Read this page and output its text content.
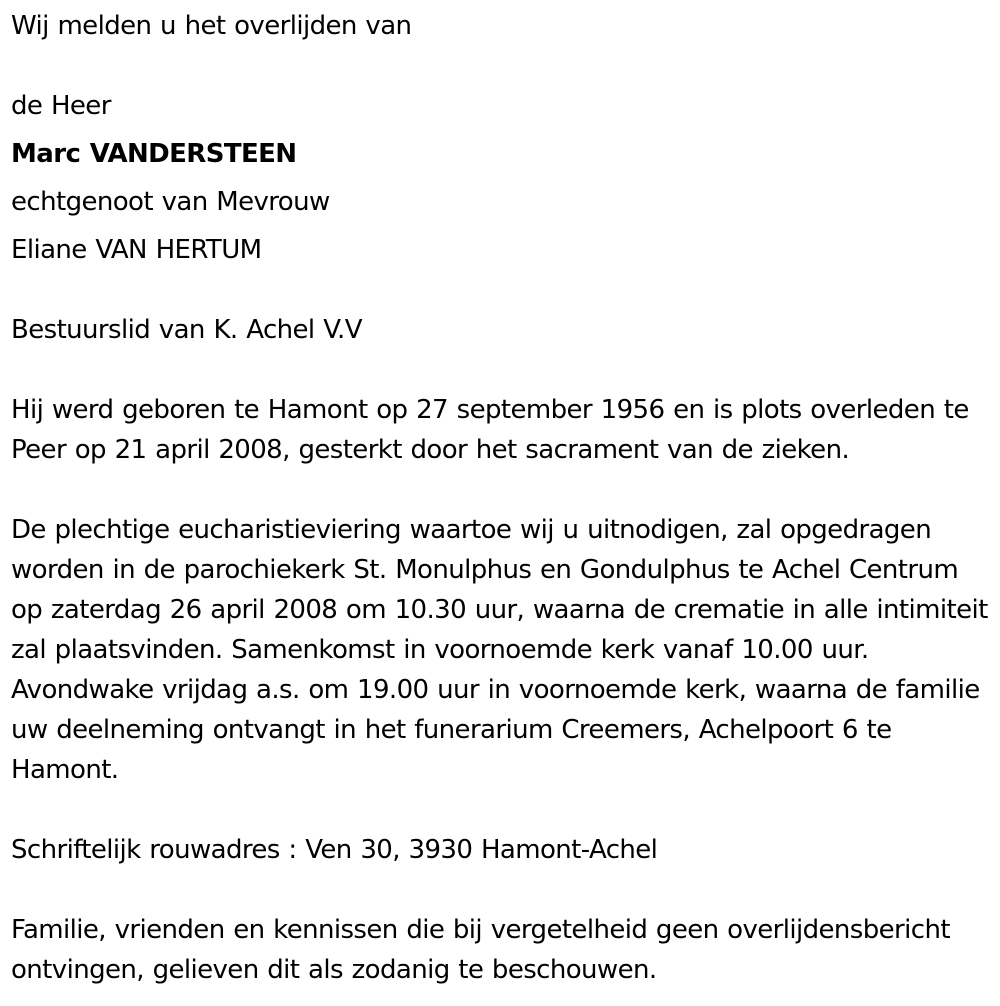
Wij melden u het overlijden van

de Heer

Marc VANDERSTEEN

echtgenoot van Mevrouw

Eliane VAN HERTUM

Bestuurslid van K. Achel V.V

Hij werd geboren te Hamont op 27 september 1956 en is plots overleden te Peer op 21 april 2008, gesterkt door het sacrament van de zieken.

De plechtige eucharistieviering waartoe wij u uitnodigen, zal opgedragen worden in de parochiekerk St. Monulphus en Gondulphus te Achel Centrum op zaterdag 26 april 2008 om 10.30 uur, waarna de crematie in alle intimiteit zal plaatsvinden. Samenkomst in voornoemde kerk vanaf 10.00 uur. Avondwake vrijdag a.s. om 19.00 uur in voornoemde kerk, waarna de familie uw deelneming ontvangt in het funerarium Creemers, Achelpoort 6 te Hamont.

Schriftelijk rouwadres : Ven 30, 3930 Hamont-Achel

Familie, vrienden en kennissen die bij vergetelheid geen overlijdensbericht ontvingen, gelieven dit als zodanig te beschouwen.
